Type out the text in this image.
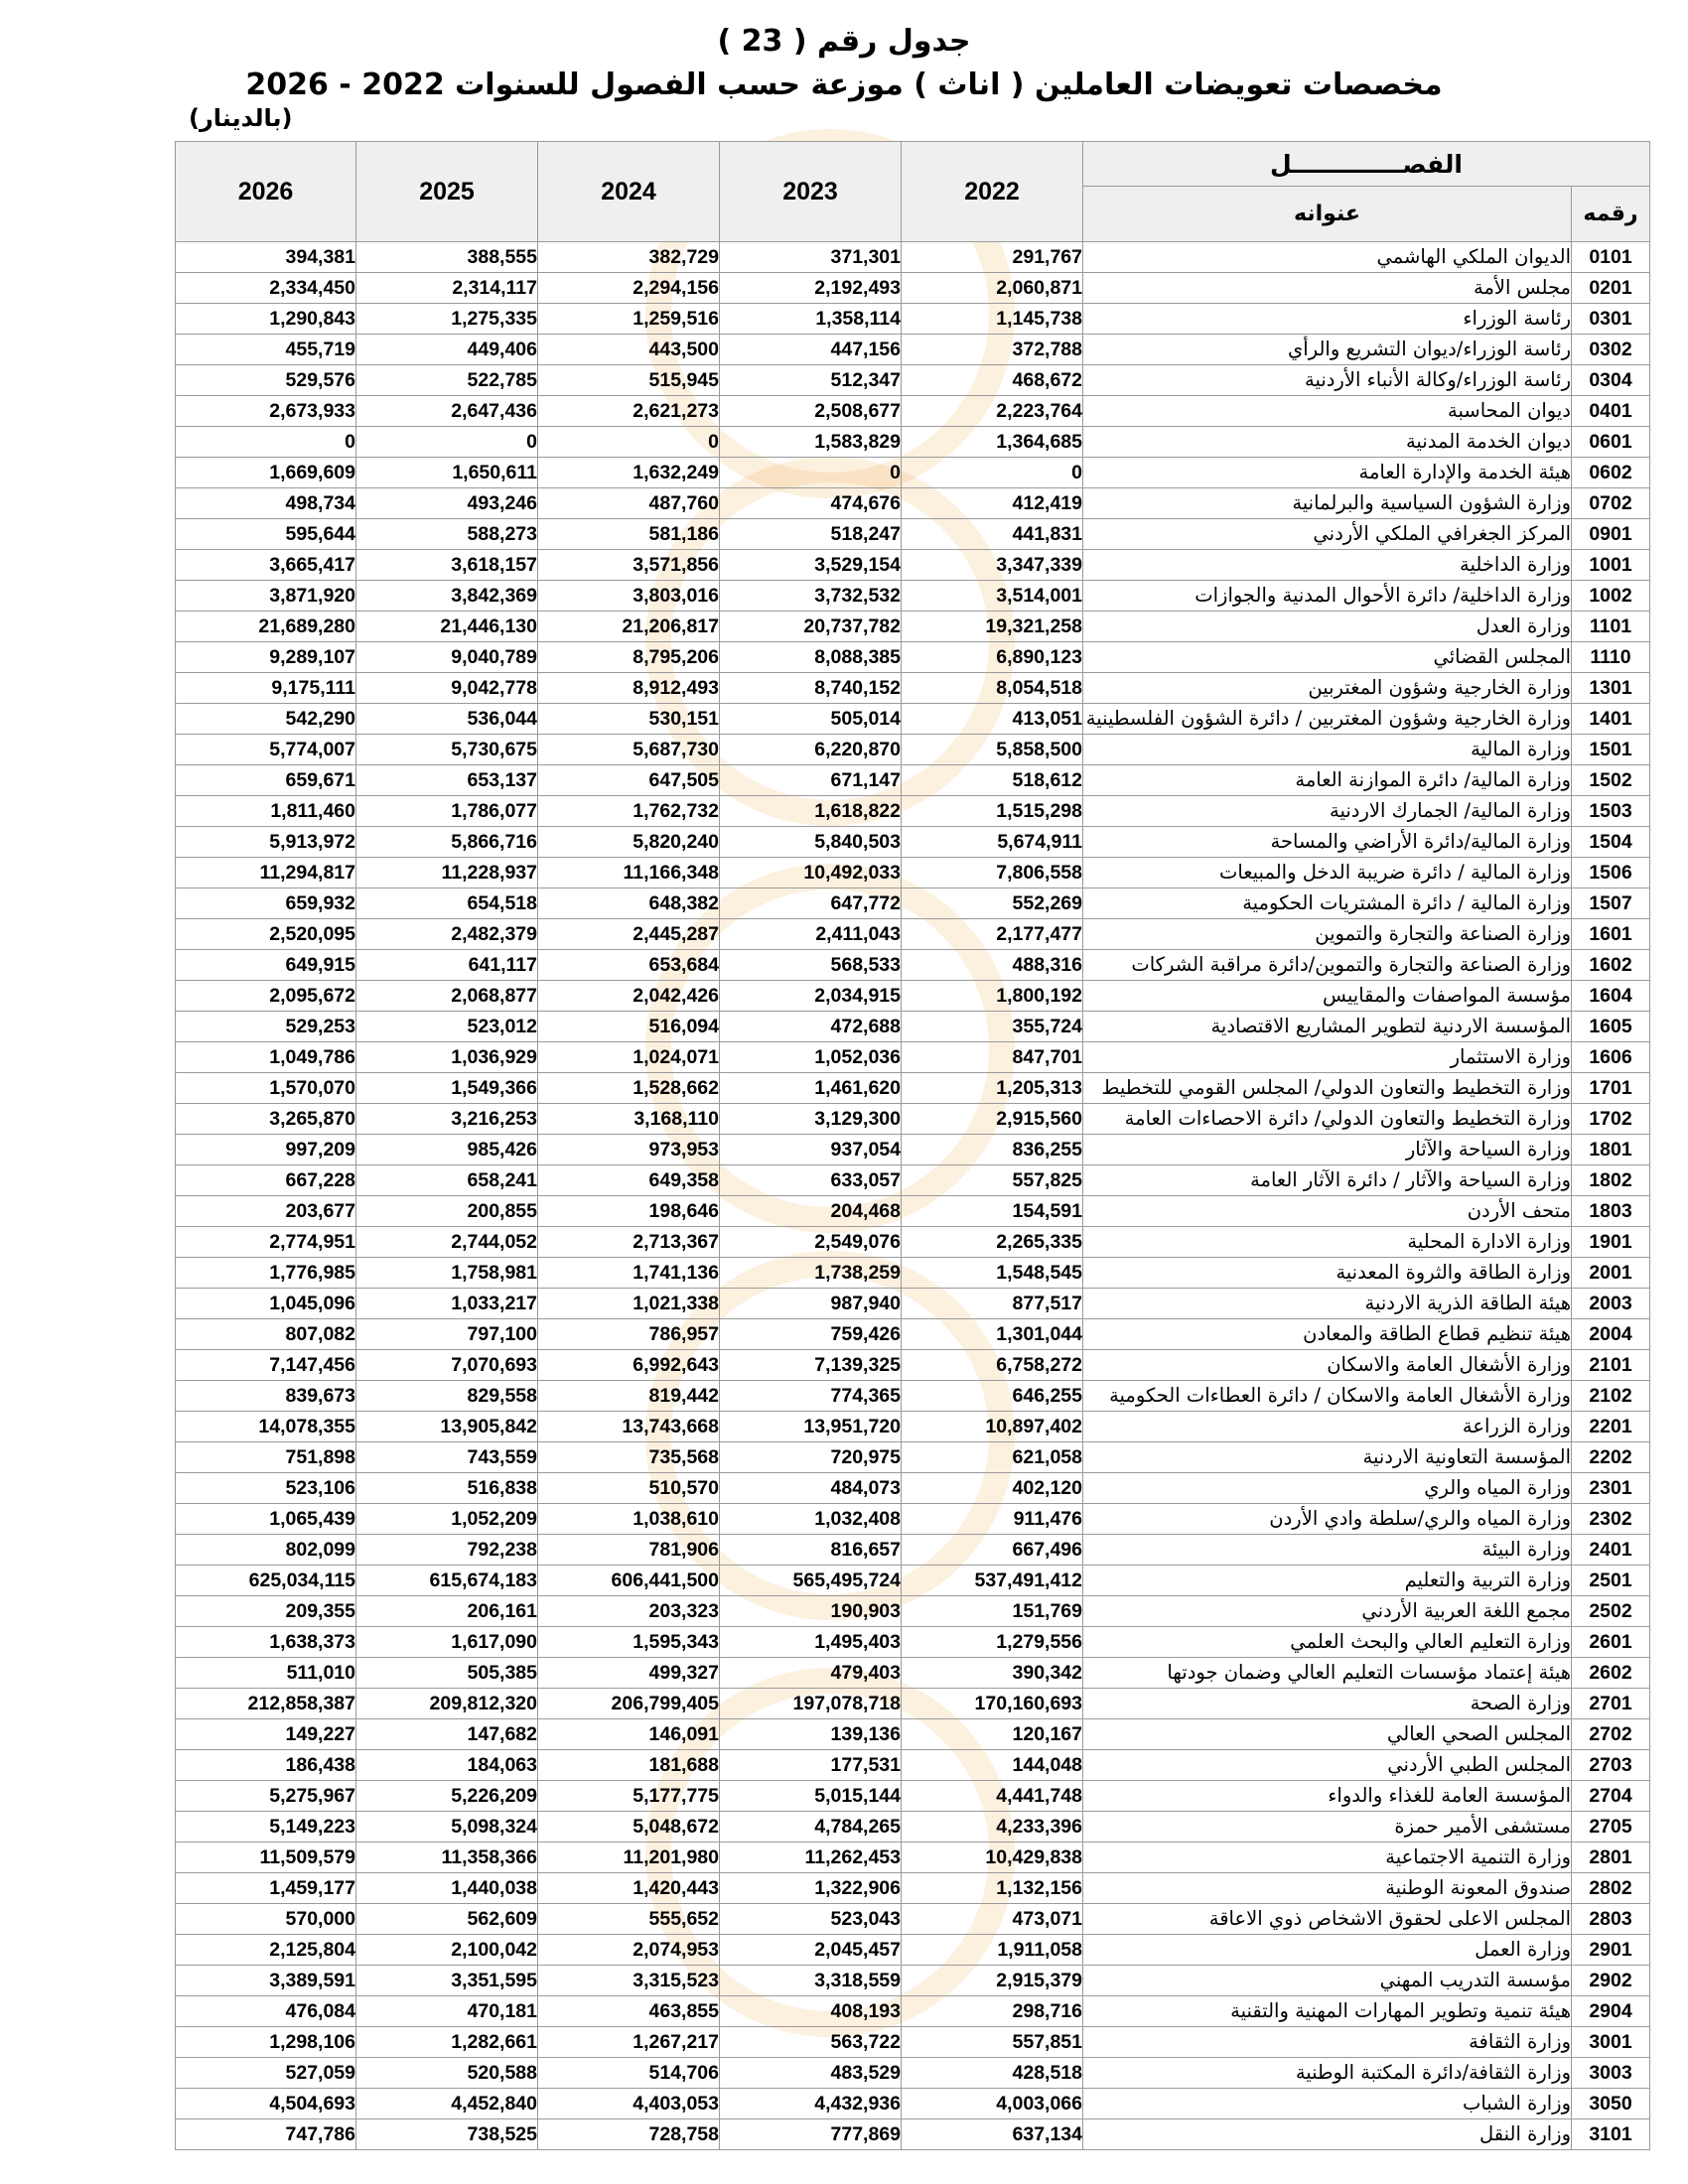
جدول رقم ( 23 )
مخصصات تعويضات العاملين ( اناث ) موزعة حسب الفصول للسنوات 2022 - 2026
(بالدينار)
2026	2025	2024	2023	2022	الفصـــــــــــــل	
					عنوانه	رقمه
394,381	388,555	382,729	371,301	291,767	الديوان الملكي الهاشمي	0101
2,334,450	2,314,117	2,294,156	2,192,493	2,060,871	مجلس الأمة	0201
1,290,843	1,275,335	1,259,516	1,358,114	1,145,738	رئاسة الوزراء	0301
455,719	449,406	443,500	447,156	372,788	رئاسة الوزراء/ديوان التشريع والرأي	0302
529,576	522,785	515,945	512,347	468,672	رئاسة الوزراء/وكالة الأنباء الأردنية	0304
2,673,933	2,647,436	2,621,273	2,508,677	2,223,764	ديوان المحاسبة	0401
0	0	0	1,583,829	1,364,685	ديوان الخدمة المدنية	0601
1,669,609	1,650,611	1,632,249	0	0	هيئة الخدمة والإدارة العامة	0602
498,734	493,246	487,760	474,676	412,419	وزارة الشؤون السياسية والبرلمانية	0702
595,644	588,273	581,186	518,247	441,831	المركز الجغرافي الملكي الأردني	0901
3,665,417	3,618,157	3,571,856	3,529,154	3,347,339	وزارة الداخلية	1001
3,871,920	3,842,369	3,803,016	3,732,532	3,514,001	وزارة الداخلية/ دائرة الأحوال المدنية والجوازات	1002
21,689,280	21,446,130	21,206,817	20,737,782	19,321,258	وزارة العدل	1101
9,289,107	9,040,789	8,795,206	8,088,385	6,890,123	المجلس القضائي	1110
9,175,111	9,042,778	8,912,493	8,740,152	8,054,518	وزارة الخارجية وشؤون المغتربين	1301
542,290	536,044	530,151	505,014	413,051	وزارة الخارجية وشؤون المغتربين / دائرة الشؤون الفلسطينية	1401
5,774,007	5,730,675	5,687,730	6,220,870	5,858,500	وزارة المالية	1501
659,671	653,137	647,505	671,147	518,612	وزارة المالية/ دائرة الموازنة العامة	1502
1,811,460	1,786,077	1,762,732	1,618,822	1,515,298	وزارة المالية/ الجمارك الاردنية	1503
5,913,972	5,866,716	5,820,240	5,840,503	5,674,911	وزارة المالية/دائرة الأراضي والمساحة	1504
11,294,817	11,228,937	11,166,348	10,492,033	7,806,558	وزارة المالية / دائرة ضريبة الدخل والمبيعات	1506
659,932	654,518	648,382	647,772	552,269	وزارة المالية / دائرة المشتريات الحكومية	1507
2,520,095	2,482,379	2,445,287	2,411,043	2,177,477	وزارة الصناعة والتجارة والتموين	1601
649,915	641,117	653,684	568,533	488,316	وزارة الصناعة والتجارة والتموين/دائرة مراقبة الشركات	1602
2,095,672	2,068,877	2,042,426	2,034,915	1,800,192	مؤسسة المواصفات والمقاييس	1604
529,253	523,012	516,094	472,688	355,724	المؤسسة الاردنية لتطوير المشاريع الاقتصادية	1605
1,049,786	1,036,929	1,024,071	1,052,036	847,701	وزارة الاستثمار	1606
1,570,070	1,549,366	1,528,662	1,461,620	1,205,313	وزارة التخطيط والتعاون الدولي/ المجلس القومي للتخطيط	1701
3,265,870	3,216,253	3,168,110	3,129,300	2,915,560	وزارة التخطيط والتعاون الدولي/ دائرة الاحصاءات العامة	1702
997,209	985,426	973,953	937,054	836,255	وزارة السياحة والآثار	1801
667,228	658,241	649,358	633,057	557,825	وزارة السياحة والآثار / دائرة الآثار العامة	1802
203,677	200,855	198,646	204,468	154,591	متحف الأردن	1803
2,774,951	2,744,052	2,713,367	2,549,076	2,265,335	وزارة الادارة المحلية	1901
1,776,985	1,758,981	1,741,136	1,738,259	1,548,545	وزارة الطاقة والثروة المعدنية	2001
1,045,096	1,033,217	1,021,338	987,940	877,517	هيئة الطاقة الذرية الاردنية	2003
807,082	797,100	786,957	759,426	1,301,044	هيئة تنظيم قطاع الطاقة والمعادن	2004
7,147,456	7,070,693	6,992,643	7,139,325	6,758,272	وزارة الأشغال العامة والاسكان	2101
839,673	829,558	819,442	774,365	646,255	وزارة الأشغال العامة والاسكان / دائرة العطاءات الحكومية	2102
14,078,355	13,905,842	13,743,668	13,951,720	10,897,402	وزارة الزراعة	2201
751,898	743,559	735,568	720,975	621,058	المؤسسة التعاونية الاردنية	2202
523,106	516,838	510,570	484,073	402,120	وزارة المياه والري	2301
1,065,439	1,052,209	1,038,610	1,032,408	911,476	وزارة المياه والري/سلطة وادي الأردن	2302
802,099	792,238	781,906	816,657	667,496	وزارة البيئة	2401
625,034,115	615,674,183	606,441,500	565,495,724	537,491,412	وزارة التربية والتعليم	2501
209,355	206,161	203,323	190,903	151,769	مجمع اللغة العربية الأردني	2502
1,638,373	1,617,090	1,595,343	1,495,403	1,279,556	وزارة التعليم العالي والبحث العلمي	2601
511,010	505,385	499,327	479,403	390,342	هيئة إعتماد مؤسسات التعليم العالي وضمان جودتها	2602
212,858,387	209,812,320	206,799,405	197,078,718	170,160,693	وزارة الصحة	2701
149,227	147,682	146,091	139,136	120,167	المجلس الصحي العالي	2702
186,438	184,063	181,688	177,531	144,048	المجلس الطبي الأردني	2703
5,275,967	5,226,209	5,177,775	5,015,144	4,441,748	المؤسسة العامة للغذاء والدواء	2704
5,149,223	5,098,324	5,048,672	4,784,265	4,233,396	مستشفى الأمير حمزة	2705
11,509,579	11,358,366	11,201,980	11,262,453	10,429,838	وزارة التنمية الاجتماعية	2801
1,459,177	1,440,038	1,420,443	1,322,906	1,132,156	صندوق المعونة الوطنية	2802
570,000	562,609	555,652	523,043	473,071	المجلس الاعلى لحقوق الاشخاص ذوي الاعاقة	2803
2,125,804	2,100,042	2,074,953	2,045,457	1,911,058	وزارة العمل	2901
3,389,591	3,351,595	3,315,523	3,318,559	2,915,379	مؤسسة التدريب المهني	2902
476,084	470,181	463,855	408,193	298,716	هيئة تنمية وتطوير المهارات المهنية والتقنية	2904
1,298,106	1,282,661	1,267,217	563,722	557,851	وزارة الثقافة	3001
527,059	520,588	514,706	483,529	428,518	وزارة الثقافة/دائرة المكتبة الوطنية	3003
4,504,693	4,452,840	4,403,053	4,432,936	4,003,066	وزارة الشباب	3050
747,786	738,525	728,758	777,869	637,134	وزارة النقل	3101
